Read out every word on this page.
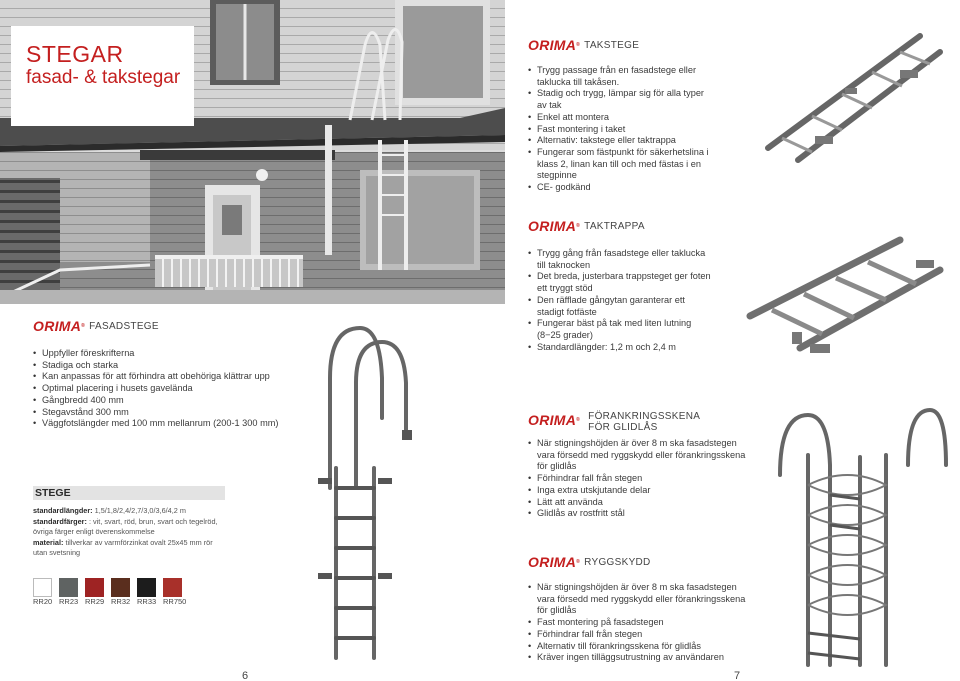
STEGAR
fasad- & takstegar
ORIMA® FASADSTEGE
• Uppfyller föreskrifterna
• Stadiga och starka
• Kan anpassas för att förhindra att obehöriga klättrar upp
• Optimal placering i husets gavelända
• Gångbredd 400 mm
• Stegavstånd 300 mm
• Väggfotslängder med 100 mm mellanrum (200-1 300 mm)
STEGE
standardlängder: 1,5/1,8/2,4/2,7/3,0/3,6/4,2 m
standardfärger: : vit, svart, röd, brun, svart och tegelröd,
övriga färger enligt överenskommelse
material: tillverkar av varmförzinkat ovalt 25x45 mm rör
utan svetsning
RR20 RR23 RR29 RR32 RR33 RR750
ORIMA® TAKSTEGE
• Trygg passage från en fasadstege eller taklucka till takåsen.
• Stadig och trygg, lämpar sig för alla typer av tak
• Enkel att montera
• Fast montering i taket
• Alternativ: takstege eller taktrappa
• Fungerar som fästpunkt för säkerhetslina i klass 2, linan kan till och med fästas i en stegpinne
• CE- godkänd
ORIMA® TAKTRAPPA
• Trygg gång från fasadstege eller taklucka till taknocken
• Det breda, justerbara trappsteget ger foten ett tryggt stöd
• Den räfflade gångytan garanterar ett stadigt fotfäste
• Fungerar bäst på tak med liten lutning (8−25 grader)
• Standardlängder: 1,2 m och 2,4 m
ORIMA® FÖRANKRINGSSKENA
FÖR GLIDLÅS
• När stigningshöjden är över 8 m ska fasadstegen vara försedd med ryggskydd eller förankringsskena för glidlås
• Förhindrar fall från stegen
• Inga extra utskjutande delar
• Lätt att använda
• Glidlås av rostfritt stål
ORIMA® RYGGSKYDD
• När stigningshöjden är över 8 m ska fasadstegen vara försedd med ryggskydd eller förankringsskena för glidlås
• Fast montering på fasadstegen
• Förhindrar fall från stegen
• Alternativ till förankringsskena för glidlås
• Kräver ingen tilläggsutrustning av användaren
6	7
